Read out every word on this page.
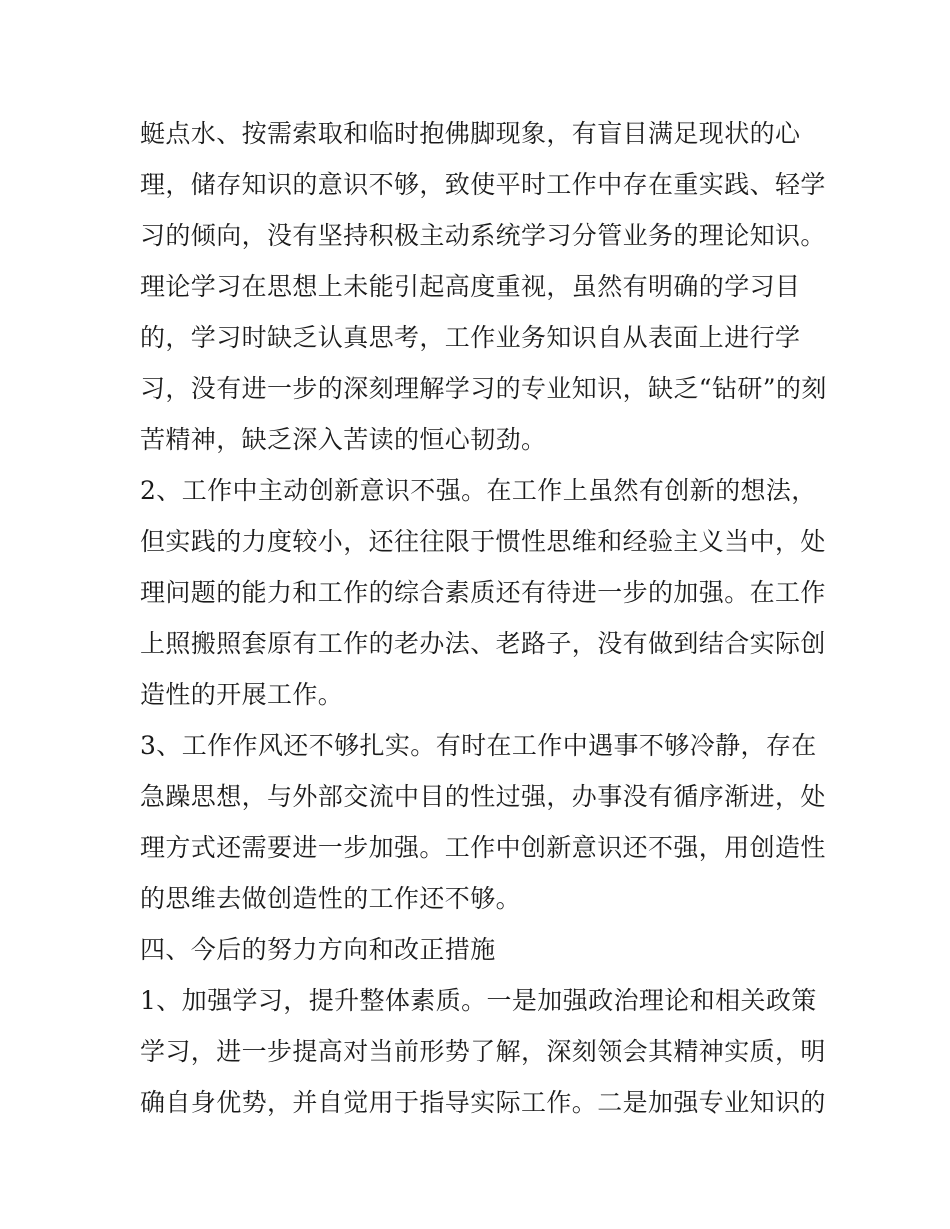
蜓点水、按需索取和临时抱佛脚现象，有盲目满足现状的心
理，储存知识的意识不够，致使平时工作中存在重实践、轻学
习的倾向，没有坚持积极主动系统学习分管业务的理论知识。
理论学习在思想上未能引起高度重视，虽然有明确的学习目
的，学习时缺乏认真思考，工作业务知识自从表面上进行学
习，没有进一步的深刻理解学习的专业知识，缺乏“钻研”的刻
苦精神，缺乏深入苦读的恒心韧劲。
2、工作中主动创新意识不强。在工作上虽然有创新的想法，
但实践的力度较小，还往往限于惯性思维和经验主义当中，处
理问题的能力和工作的综合素质还有待进一步的加强。在工作
上照搬照套原有工作的老办法、老路子，没有做到结合实际创
造性的开展工作。
3、工作作风还不够扎实。有时在工作中遇事不够冷静，存在
急躁思想，与外部交流中目的性过强，办事没有循序渐进，处
理方式还需要进一步加强。工作中创新意识还不强，用创造性
的思维去做创造性的工作还不够。
四、今后的努力方向和改正措施
1、加强学习，提升整体素质。一是加强政治理论和相关政策
学习，进一步提高对当前形势了解，深刻领会其精神实质，明
确自身优势，并自觉用于指导实际工作。二是加强专业知识的
